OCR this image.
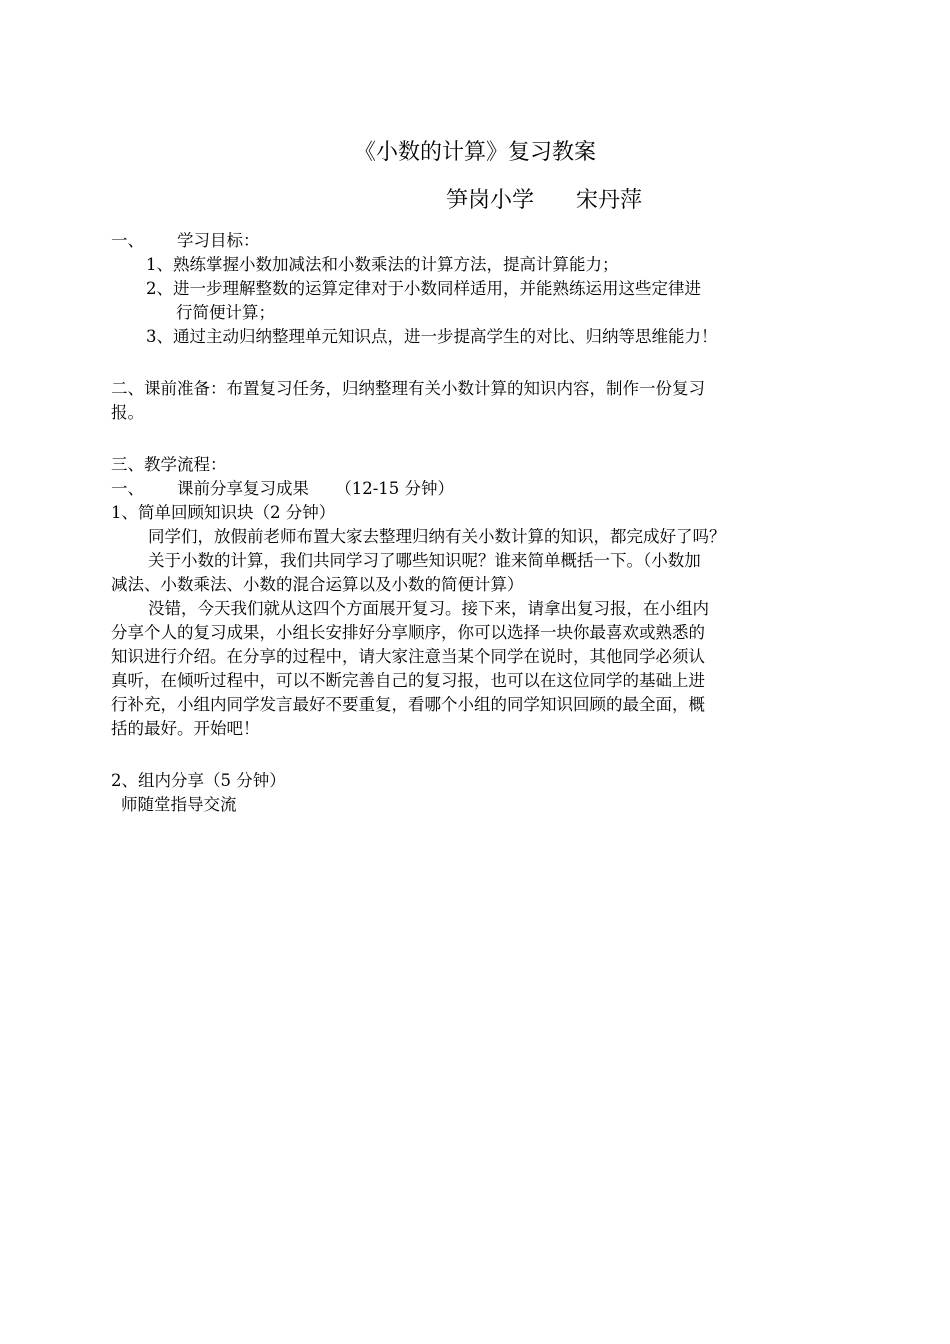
《小数的计算》复习教案
笋岗小学      宋丹萍
一、 学习目标：
1、熟练掌握小数加减法和小数乘法的计算方法，提高计算能力；
2、进一步理解整数的运算定律对于小数同样适用，并能熟练运用这些定律进
行简便计算；
3、通过主动归纳整理单元知识点，进一步提高学生的对比、归纳等思维能力！
二、课前准备：布置复习任务，归纳整理有关小数计算的知识内容，制作一份复习
报。
三、教学流程：
一、 课前分享复习成果     （12-15 分钟）
1、简单回顾知识块（2 分钟）
同学们，放假前老师布置大家去整理归纳有关小数计算的知识，都完成好了吗？
关于小数的计算，我们共同学习了哪些知识呢？谁来简单概括一下。（小数加
减法、小数乘法、小数的混合运算以及小数的简便计算）
没错，今天我们就从这四个方面展开复习。接下来，请拿出复习报，在小组内
分享个人的复习成果，小组长安排好分享顺序，你可以选择一块你最喜欢或熟悉的
知识进行介绍。在分享的过程中，请大家注意当某个同学在说时，其他同学必须认
真听，在倾听过程中，可以不断完善自己的复习报，也可以在这位同学的基础上进
行补充，小组内同学发言最好不要重复，看哪个小组的同学知识回顾的最全面，概
括的最好。开始吧！
2、组内分享（5 分钟）
师随堂指导交流
